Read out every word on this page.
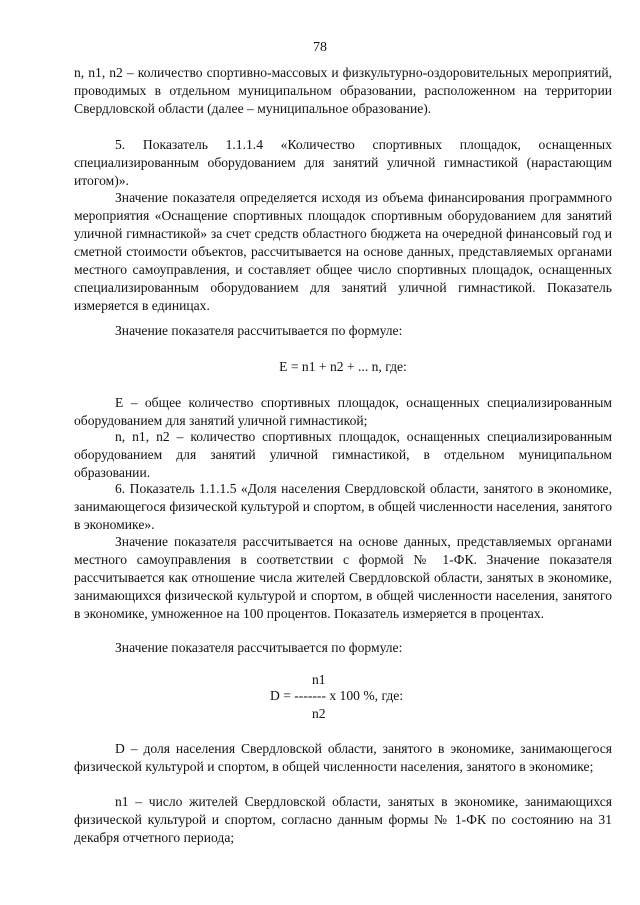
78

n, n1, n2 – количество спортивно-массовых и физкультурно-оздоровительных мероприятий, проводимых в отдельном муниципальном образовании, расположенном на территории Свердловской области (далее – муниципальное образование).

5. Показатель 1.1.1.4 «Количество спортивных площадок, оснащенных специализированным оборудованием для занятий уличной гимнастикой (нарастающим итогом)».

Значение показателя определяется исходя из объема финансирования программного мероприятия «Оснащение спортивных площадок спортивным оборудованием для занятий уличной гимнастикой» за счет средств областного бюджета на очередной финансовый год и сметной стоимости объектов, рассчитывается на основе данных, представляемых органами местного самоуправления, и составляет общее число спортивных площадок, оснащенных специализированным оборудованием для занятий уличной гимнастикой. Показатель измеряется в единицах.

Значение показателя рассчитывается по формуле:

E = n1 + n2 + ... n, где:

E – общее количество спортивных площадок, оснащенных специализированным оборудованием для занятий уличной гимнастикой;

n, n1, n2 – количество спортивных площадок, оснащенных специализированным оборудованием для занятий уличной гимнастикой, в отдельном муниципальном образовании.

6. Показатель 1.1.1.5 «Доля населения Свердловской области, занятого в экономике, занимающегося физической культурой и спортом, в общей численности населения, занятого в экономике».

Значение показателя рассчитывается на основе данных, представляемых органами местного самоуправления в соответствии с формой № 1-ФК. Значение показателя рассчитывается как отношение числа жителей Свердловской области, занятых в экономике, занимающихся физической культурой и спортом, в общей численности населения, занятого в экономике, умноженное на 100 процентов. Показатель измеряется в процентах.

Значение показателя рассчитывается по формуле:

n1
D = ------- x 100 %, где:
n2

D – доля населения Свердловской области, занятого в экономике, занимающегося физической культурой и спортом, в общей численности населения, занятого в экономике;

n1 – число жителей Свердловской области, занятых в экономике, занимающихся физической культурой и спортом, согласно данным формы № 1-ФК по состоянию на 31 декабря отчетного периода;
